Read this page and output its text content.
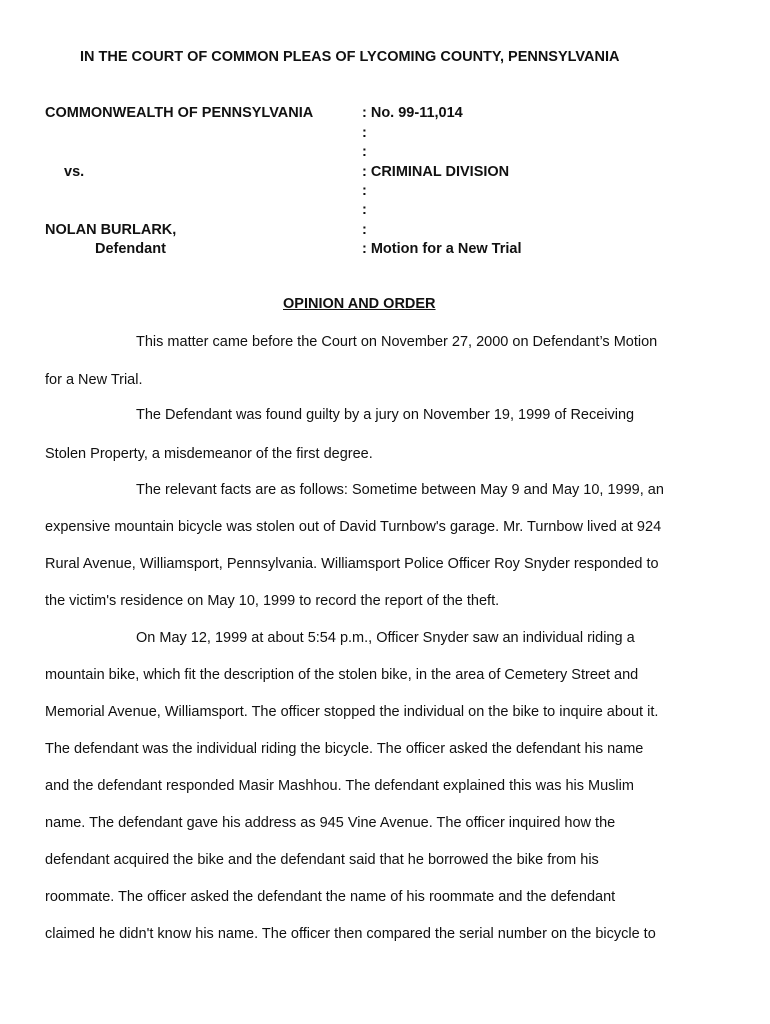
IN THE COURT OF COMMON PLEAS OF LYCOMING COUNTY, PENNSYLVANIA
COMMONWEALTH OF PENNSYLVANIA
vs.
NOLAN BURLARK,
Defendant
: No. 99-11,014
:
:
: CRIMINAL DIVISION
:
:
:
: Motion for a New Trial
OPINION AND ORDER
This matter came before the Court on November 27, 2000 on Defendant’s Motion
for a New Trial.
The Defendant was found guilty by a jury on November 19, 1999 of Receiving
Stolen Property, a misdemeanor of the first degree.
The relevant facts are as follows: Sometime between May 9 and May 10, 1999, an
expensive mountain bicycle was stolen out of David Turnbow's garage. Mr. Turnbow lived at 924
Rural Avenue, Williamsport, Pennsylvania. Williamsport Police Officer Roy Snyder responded to
the victim's residence on May 10, 1999 to record the report of the theft.
On May 12, 1999 at about 5:54 p.m., Officer Snyder saw an individual riding a
mountain bike, which fit the description of the stolen bike, in the area of Cemetery Street and
Memorial Avenue, Williamsport. The officer stopped the individual on the bike to inquire about it.
The defendant was the individual riding the bicycle. The officer asked the defendant his name
and the defendant responded Masir Mashhou. The defendant explained this was his Muslim
name. The defendant gave his address as 945 Vine Avenue. The officer inquired how the
defendant acquired the bike and the defendant said that he borrowed the bike from his
roommate. The officer asked the defendant the name of his roommate and the defendant
claimed he didn't know his name. The officer then compared the serial number on the bicycle to
